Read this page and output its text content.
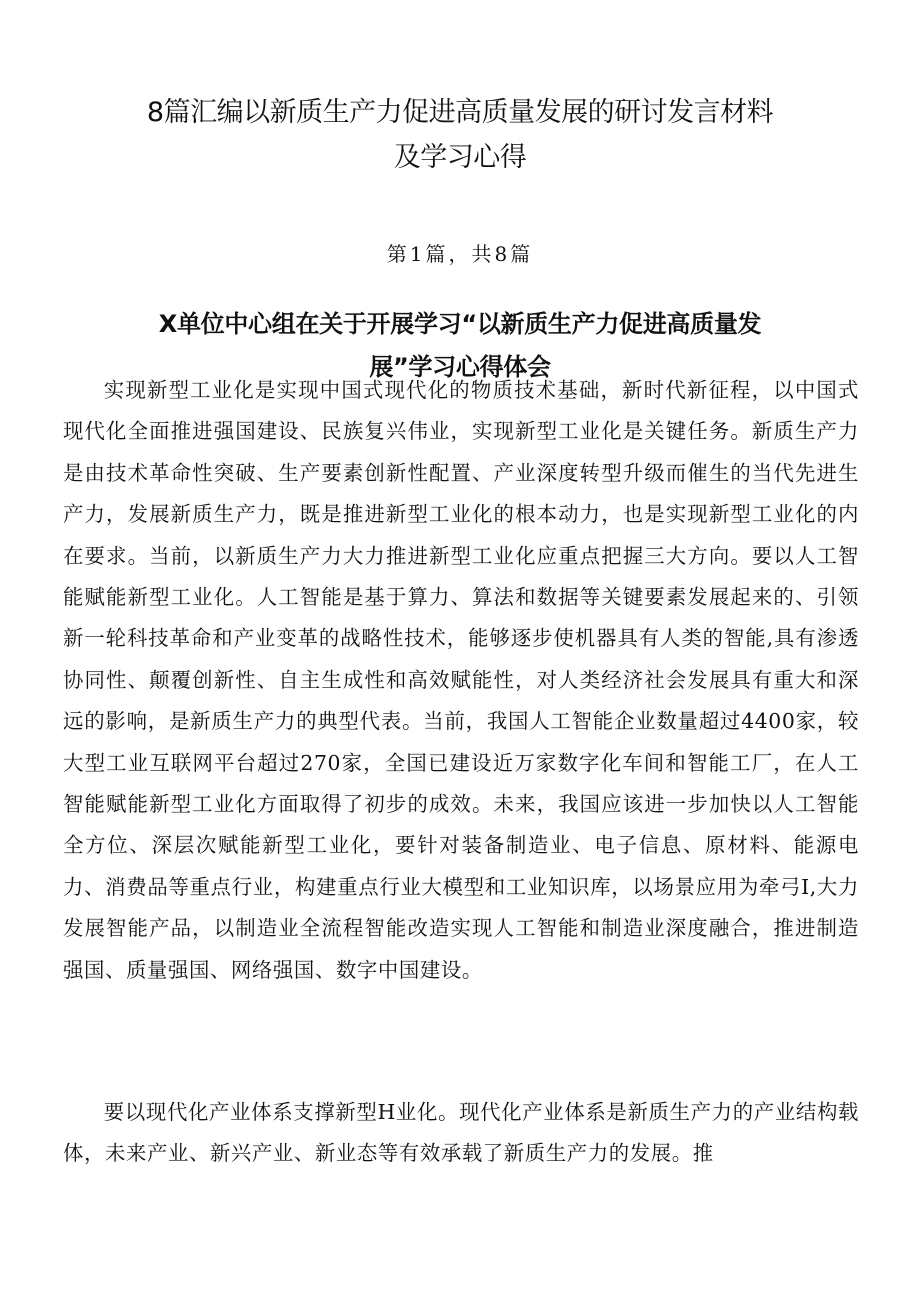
8篇汇编以新质生产力促进高质量发展的研讨发言材料
及学习心得
第1篇，共8篇
X单位中心组在关于开展学习“以新质生产力促进高质量发
展”学习心得体会

实现新型工业化是实现中国式现代化的物质技术基础，新时代新征程，以中国式现代化全面推进强国建设、民族复兴伟业，实现新型工业化是关键任务。新质生产力是由技术革命性突破、生产要素创新性配置、产业深度转型升级而催生的当代先进生产力，发展新质生产力，既是推进新型工业化的根本动力，也是实现新型工业化的内在要求。当前，以新质生产力大力推进新型工业化应重点把握三大方向。要以人工智能赋能新型工业化。人工智能是基于算力、算法和数据等关键要素发展起来的、引领新一轮科技革命和产业变革的战略性技术，能够逐步使机器具有人类的智能,具有渗透协同性、颠覆创新性、自主生成性和高效赋能性，对人类经济社会发展具有重大和深远的影响，是新质生产力的典型代表。当前，我国人工智能企业数量超过4400家，较大型工业互联网平台超过270家，全国已建设近万家数字化车间和智能工厂，在人工智能赋能新型工业化方面取得了初步的成效。未来，我国应该进一步加快以人工智能全方位、深层次赋能新型工业化，要针对装备制造业、电子信息、原材料、能源电力、消费品等重点行业，构建重点行业大模型和工业知识库，以场景应用为牵弓I,大力发展智能产品，以制造业全流程智能改造实现人工智能和制造业深度融合，推进制造强国、质量强国、网络强国、数字中国建设。

要以现代化产业体系支撑新型H业化。现代化产业体系是新质生产力的产业结构载体，未来产业、新兴产业、新业态等有效承载了新质生产力的发展。推
